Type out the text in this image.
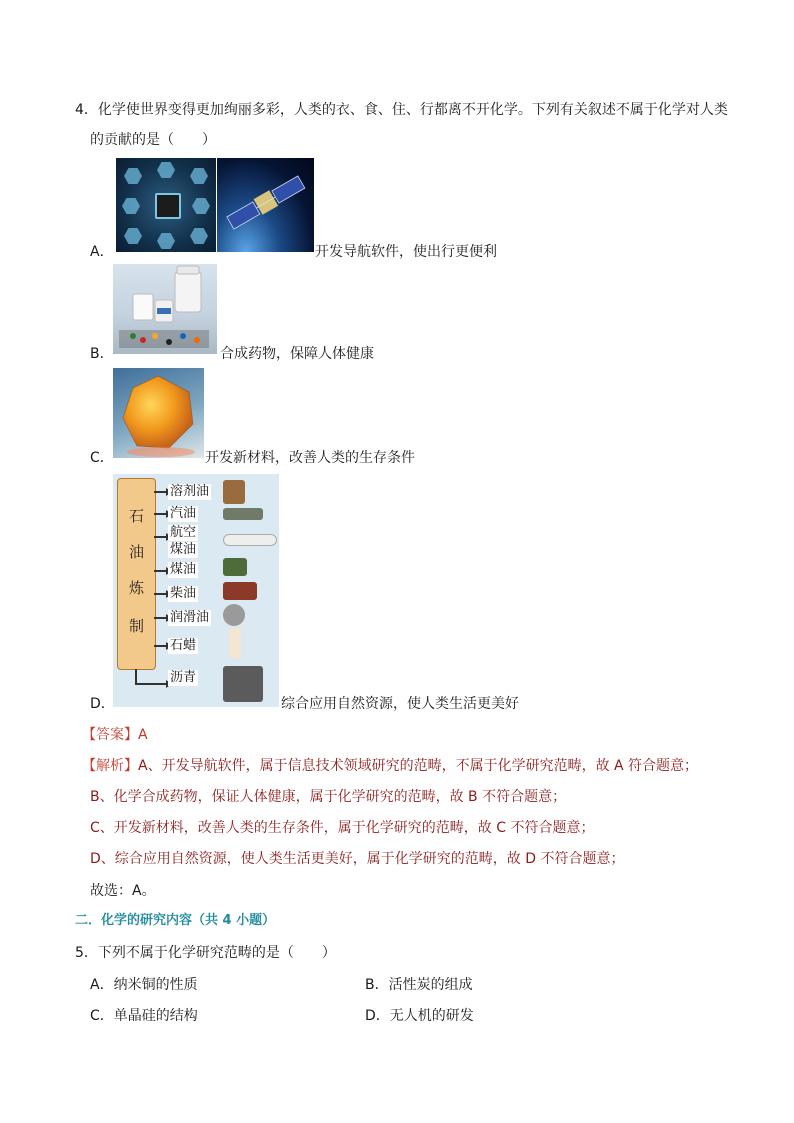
4．化学使世界变得更加绚丽多彩，人类的衣、食、住、行都离不开化学。下列有关叙述不属于化学对人类
的贡献的是（　　）
A．	开发导航软件，使出行更便利
B．	合成药物，保障人体健康
C．	开发新材料，改善人类的生存条件
石
油
炼
制
溶剂油
汽油
航空
煤油
煤油
柴油
润滑油
石蜡
沥青
D．	综合应用自然资源，使人类生活更美好
【答案】A
【解析】A、开发导航软件，属于信息技术领域研究的范畴，不属于化学研究范畴，故 A 符合题意；
B、化学合成药物，保证人体健康，属于化学研究的范畴，故 B 不符合题意；
C、开发新材料，改善人类的生存条件，属于化学研究的范畴，故 C 不符合题意；
D、综合应用自然资源，使人类生活更美好，属于化学研究的范畴，故 D 不符合题意；
故选：A。
二．化学的研究内容（共 4 小题）
5．下列不属于化学研究范畴的是（　　）
A．纳米铜的性质	B．活性炭的组成
C．单晶硅的结构	D．无人机的研发
